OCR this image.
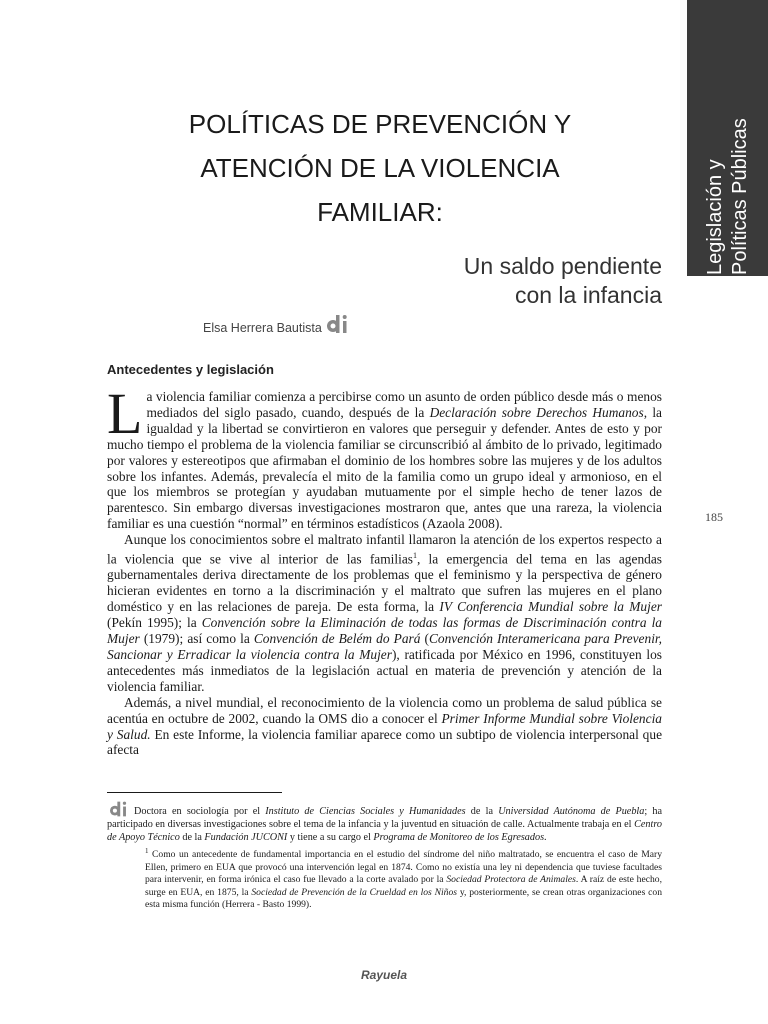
Legislación y Políticas Públicas
POLÍTICAS DE PREVENCIÓN Y
ATENCIÓN DE LA VIOLENCIA
FAMILIAR:
Un saldo pendiente
con la infancia
Elsa Herrera Bautista
Antecedentes y legislación

La violencia familiar comienza a percibirse como un asunto de orden público desde más o menos mediados del siglo pasado, cuando, después de la Declaración sobre Derechos Humanos, la igualdad y la libertad se convirtieron en valores que perseguir y defender. Antes de esto y por mucho tiempo el problema de la violencia familiar se circunscribió al ámbito de lo privado, legitimado por valores y estereotipos que afirmaban el dominio de los hombres sobre las mujeres y de los adultos sobre los infantes. Además, prevalecía el mito de la familia como un grupo ideal y armonioso, en el que los miembros se protegían y ayudaban mutuamente por el simple hecho de tener lazos de parentesco. Sin embargo diversas investigaciones mostraron que, antes que una rareza, la violencia familiar es una cuestión “normal” en términos estadísticos (Azaola 2008).

Aunque los conocimientos sobre el maltrato infantil llamaron la atención de los expertos respecto a la violencia que se vive al interior de las familias$^1$, la emergencia del tema en las agendas gubernamentales deriva directamente de los problemas que el feminismo y la perspectiva de género hicieran evidentes en torno a la discriminación y el maltrato que sufren las mujeres en el plano doméstico y en las relaciones de pareja. De esta forma, la IV Conferencia Mundial sobre la Mujer (Pekín 1995); la Convención sobre la Eliminación de todas las formas de Discriminación contra la Mujer (1979); así como la Convención de Belém do Pará (Convención Interamericana para Prevenir, Sancionar y Erradicar la violencia contra la Mujer), ratificada por México en 1996, constituyen los antecedentes más inmediatos de la legislación actual en materia de prevención y atención de la violencia familiar.

Además, a nivel mundial, el reconocimiento de la violencia como un problema de salud pública se acentúa en octubre de 2002, cuando la OMS dio a conocer el Primer Informe Mundial sobre Violencia y Salud. En este Informe, la violencia familiar aparece como un subtipo de violencia interpersonal que afecta

185

Doctora en sociología por el Instituto de Ciencias Sociales y Humanidades de la Universidad Autónoma de Puebla; ha participado en diversas investigaciones sobre el tema de la infancia y la juventud en situación de calle. Actualmente trabaja en el Centro de Apoyo Técnico de la Fundación JUCONI y tiene a su cargo el Programa de Monitoreo de los Egresados.

$^1$ Como un antecedente de fundamental importancia en el estudio del síndrome del niño maltratado, se encuentra el caso de Mary Ellen, primero en EUA que provocó una intervención legal en 1874. Como no existía una ley ni dependencia que tuviese facultades para intervenir, en forma irónica el caso fue llevado a la corte avalado por la Sociedad Protectora de Animales. A raíz de este hecho, surge en EUA, en 1875, la Sociedad de Prevención de la Crueldad en los Niños y, posteriormente, se crean otras organizaciones con esta misma función (Herrera - Basto 1999).

Rayuela
